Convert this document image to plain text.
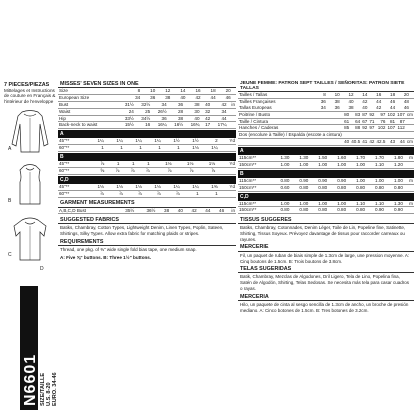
7 PIECES/PIEZAS
Mittelages et Instructions
de couture en Français &
l'intérieur de l'enveloppe
A
B
C
D
N6601 SIZE/TAILLE U.S. 8-20 EURO. 34-46
MISSES' SEVEN SIZES IN ONE
Size	8	10	12	14	16	18	20	
European Size	34	36	38	40	42	44	46	
Bust	31½	32½	34	36	38	40	42	in
Waist	24	25	26½	28	30	32	34	
Hip	33½	34½	36	38	40	42	44	
Back-neck to waist	15½	16	16¼	16½	16¾	17	17¼	
A
45"**	1¼	1¼	1¼	1¼	1½	1½	2	Yd
60"**	1	1	1	1	1	1⅛	1¼	
B
45"**	⅞	1	1	1	1⅛	1⅛	1⅛	Yd
60"**	⅝	⅞	⅞	⅞	⅞	⅞	⅞	
C,D
45"**	1⅛	1⅛	1⅛	1⅛	1¼	1¼	1⅜	Yd
60"**	⅞	⅞	⅞	⅞	⅞	1	1	
GARMENT MEASUREMENTS
A,B,C,D Bust	35½	36½	38	40	42	44	46	in
SUGGESTED FABRICS
Batiks, Chambray, Cotton Types, Lightweight Denim, Linen Types, Poplin, Sateen, Shirtings, Silky Types. Allow extra fabric for matching plaids or stripes.
REQUIREMENTS
Thread, one pkg. of ⅜" wide single fold bias tape, one medium snap.
A: Five ⅝" buttons. B: Three 1½" buttons.
JEUNE FEMME: PATRON SEPT TAILLES / SEÑORITAS: PATRON SIETE TALLAS
Tailles / Tallas	8	10	12	14	16	18	20	
Tailles Françaises	36	38	40	42	44	46	48	
Tallas Europeas	34	36	38	40	42	44	46	
Poitrine / Busto	80	83	87	92	97	102	107	cm
Taille / Cintura	61	64	67	71	76	81	87	
Hanches / Caderas	85	88	92	97	102	107	112	
Dos (encolure à Taille) / Espalda (escote a cintura)								
	40	40.5	41	42	42.5	43	44	cm
A
115cm**	1.30	1.30	1.50	1.60	1.70	1.70	1.80	m
150cm**	1.00	1.00	1.00	1.00	1.00	1.10	1.20	
B
115cm**	0.80	0.90	0.90	0.90	1.00	1.00	1.00	m
150cm**	0.60	0.80	0.80	0.80	0.80	0.80	0.80	
C,D
115cm**	1.00	1.00	1.00	1.00	1.10	1.10	1.30	m
150cm**	0.80	0.80	0.80	0.80	0.80	0.90	0.90	
TISSUS SUGGERES
Batiks, Chambray, Cotonnades, Denim Léger, Toile de Lin, Popeline fine, Satinette, Shirting, Tissus Soyeux. Prévoyez davantage de tissus pour raccorder carreaux ou rayures.
MERCERIE
Fil, un paquet de ruban de biais simple de 1.3cm de large, une pression moyenne. A: Cinq boutons de 1.5cm. B: Trois boutons de 3.8cm.
TELAS SUGERIDAS
Batik, Chambray, Mezclas de Algodones, Dril Ligero, Tela de Lino, Popelina fina, Satén de Algodón, Shirting, Telas Sedosas. Se necesita más tela para casar cuadros o rayas.
MERCERIA
Hilo, un paquete de cinta al sesgo sencilla de 1.3cm de ancho, un broche de presión mediano. A: Cinco botones de 1.5cm. B: Tres botones de 3.2cm.
